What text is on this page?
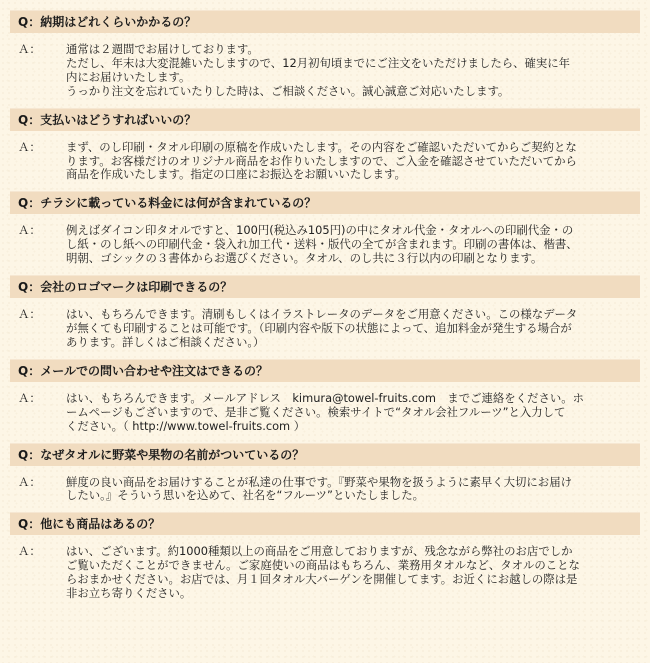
Q：納期はどれくらいかかるの？
Ａ：	通常は２週間でお届けしております。
ただし、年末は大変混雑いたしますので、12月初旬頃までにご注文をいただけましたら、確実に年
内にお届けいたします。
うっかり注文を忘れていたりした時は、ご相談ください。誠心誠意ご対応いたします。
Q：支払いはどうすればいいの？
Ａ：	まず、のし印刷・タオル印刷の原稿を作成いたします。その内容をご確認いただいてからご契約とな
ります。お客様だけのオリジナル商品をお作りいたしますので、ご入金を確認させていただいてから
商品を作成いたします。指定の口座にお振込をお願いいたします。
Q：チラシに載っている料金には何が含まれているの？
Ａ：	例えばダイコン印タオルですと、100円(税込み105円)の中にタオル代金・タオルへの印刷代金・の
し紙・のし紙への印刷代金・袋入れ加工代・送料・版代の全てが含まれます。印刷の書体は、楷書、
明朝、ゴシックの３書体からお選びください。タオル、のし共に３行以内の印刷となります。
Q：会社のロゴマークは印刷できるの？
Ａ：	はい、もちろんできます。清刷もしくはイラストレータのデータをご用意ください。この様なデータ
が無くても印刷することは可能です。（印刷内容や版下の状態によって、追加料金が発生する場合が
あります。詳しくはご相談ください。）
Q：メールでの問い合わせや注文はできるの？
Ａ：	はい、もちろんできます。メールアドレス　kimura@towel-fruits.com　までご連絡をください。ホ
ームページもございますので、是非ご覧ください。検索サイトで“タオル会社フルーツ”と入力して
ください。（ http://www.towel-fruits.com ）
Q：なぜタオルに野菜や果物の名前がついているの？
Ａ：	鮮度の良い商品をお届けすることが私達の仕事です。『野菜や果物を扱うように素早く大切にお届け
したい。』そういう思いを込めて、社名を“フルーツ”といたしました。
Q：他にも商品はあるの？
Ａ：	はい、ございます。約1000種類以上の商品をご用意しておりますが、残念ながら弊社のお店でしか
ご覧いただくことができません。ご家庭使いの商品はもちろん、業務用タオルなど、タオルのことな
らおまかせください。お店では、月１回タオル大バーゲンを開催してます。お近くにお越しの際は是
非お立ち寄りください。
